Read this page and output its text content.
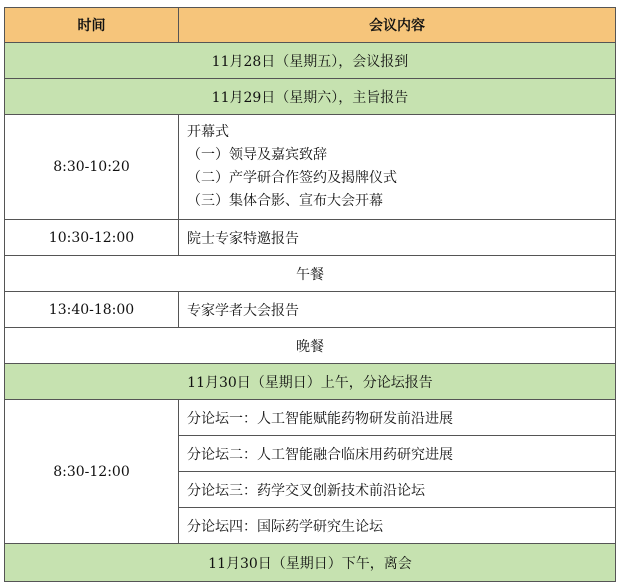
时间	会议内容
11月28日（星期五），会议报到	
11月29日（星期六），主旨报告	
8:30-10:20	开幕式
（一）领导及嘉宾致辞
（二）产学研合作签约及揭牌仪式
（三）集体合影、宣布大会开幕

10:30-12:00	院士专家特邀报告
午餐	
13:40-18:00	专家学者大会报告
晚餐	
11月30日（星期日）上午，分论坛报告	
8:30-12:00	分论坛一：人工智能赋能药物研发前沿进展
	分论坛二：人工智能融合临床用药研究进展
	分论坛三：药学交叉创新技术前沿论坛
	分论坛四：国际药学研究生论坛
11月30日（星期日）下午，离会	
